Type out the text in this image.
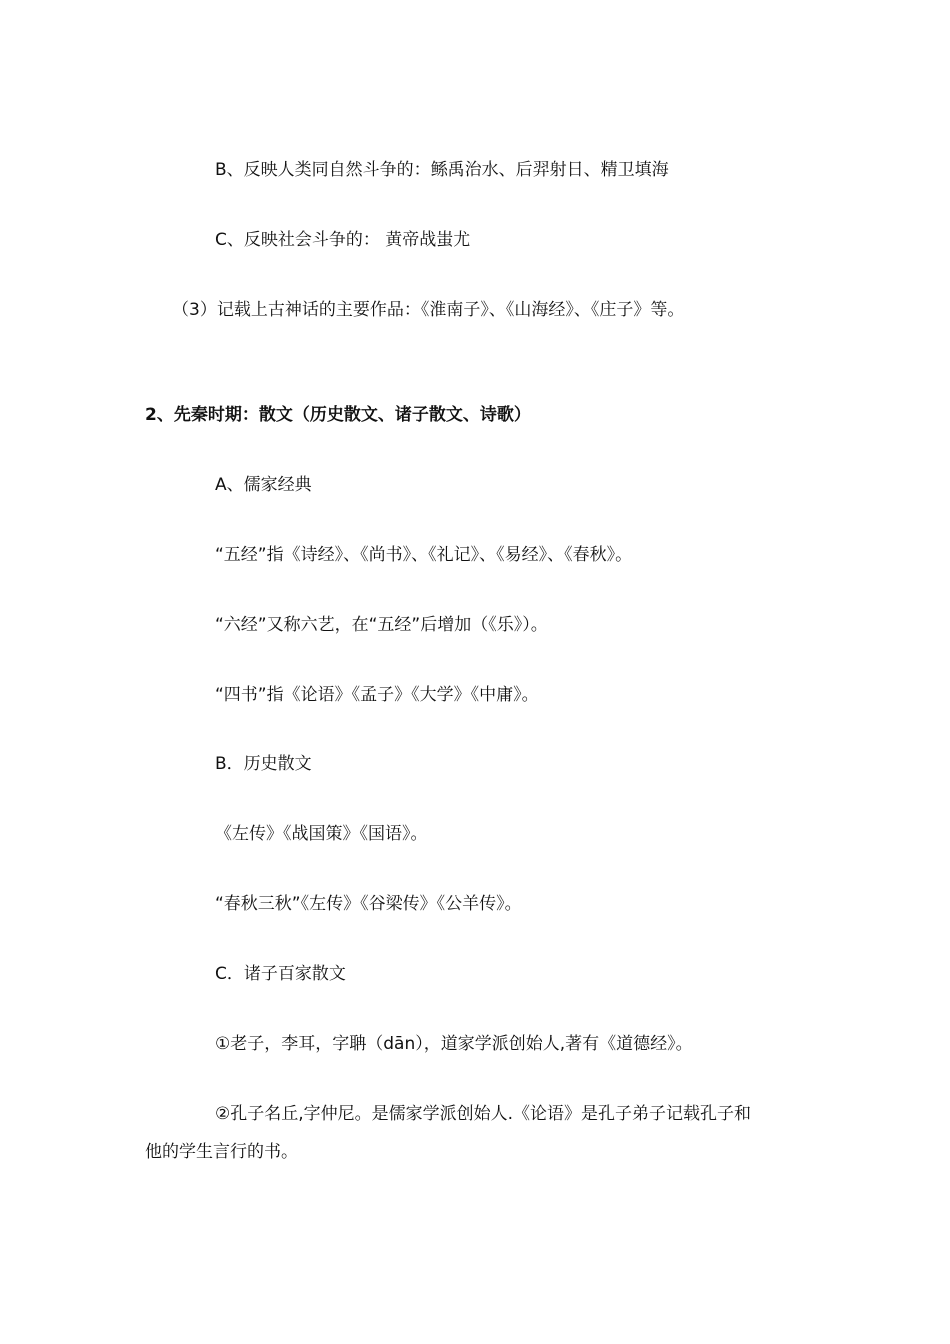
B、反映人类同自然斗争的：鲧禹治水、后羿射日、精卫填海
C、反映社会斗争的： 黄帝战蚩尤
（3）记载上古神话的主要作品：《淮南子》、《山海经》、《庄子》等。
2、先秦时期：散文（历史散文、诸子散文、诗歌）
A、儒家经典
“五经”指《诗经》、《尚书》、《礼记》、《易经》、《春秋》。
“六经”又称六艺，在“五经”后增加（《乐》）。
“四书”指《论语》《孟子》《大学》《中庸》。
B．历史散文
《左传》《战国策》《国语》。
“春秋三秋”《左传》《谷梁传》《公羊传》。
C．诸子百家散文
①老子，李耳，字聃（dān），道家学派创始人,著有《道德经》。
②孔子名丘,字仲尼。是儒家学派创始人.《论语》是孔子弟子记载孔子和
他的学生言行的书。
